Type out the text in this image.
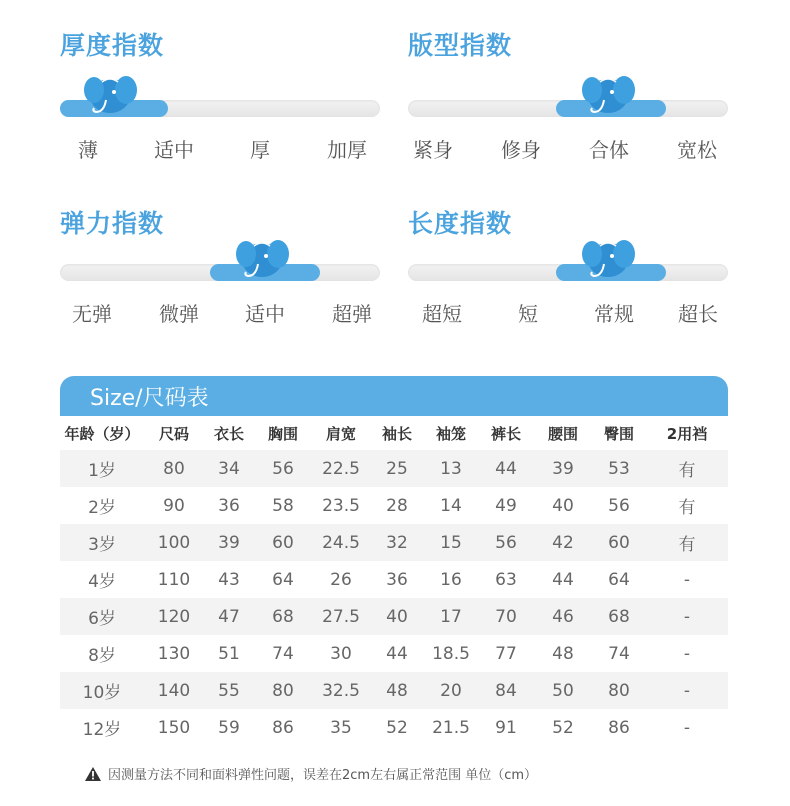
厚度指数
薄	适中	厚	加厚
版型指数
紧身 修身 合体 宽松
弹力指数
无弹 微弹 适中 超弹
长度指数
超短	短	常规 超长
Size/尺码表
年龄（岁）	尺码	衣长	胸围	肩宽	袖长	袖笼	裤长	腰围	臀围	2用裆
1岁	80	34	56	22.5	25	13	44	39	53	有
2岁	90	36	58	23.5	28	14	49	40	56	有
3岁	100	39	60	24.5	32	15	56	42	60	有
4岁	110	43	64	26	36	16	63	44	64	-
6岁	120	47	68	27.5	40	17	70	46	68	-
8岁	130	51	74	30	44	18.5	77	48	74	-
10岁	140	55	80	32.5	48	20	84	50	80	-
12岁	150	59	86	35	52	21.5	91	52	86	-
因测量方法不同和面料弹性问题，误差在2cm左右属正常范围 单位（cm）
